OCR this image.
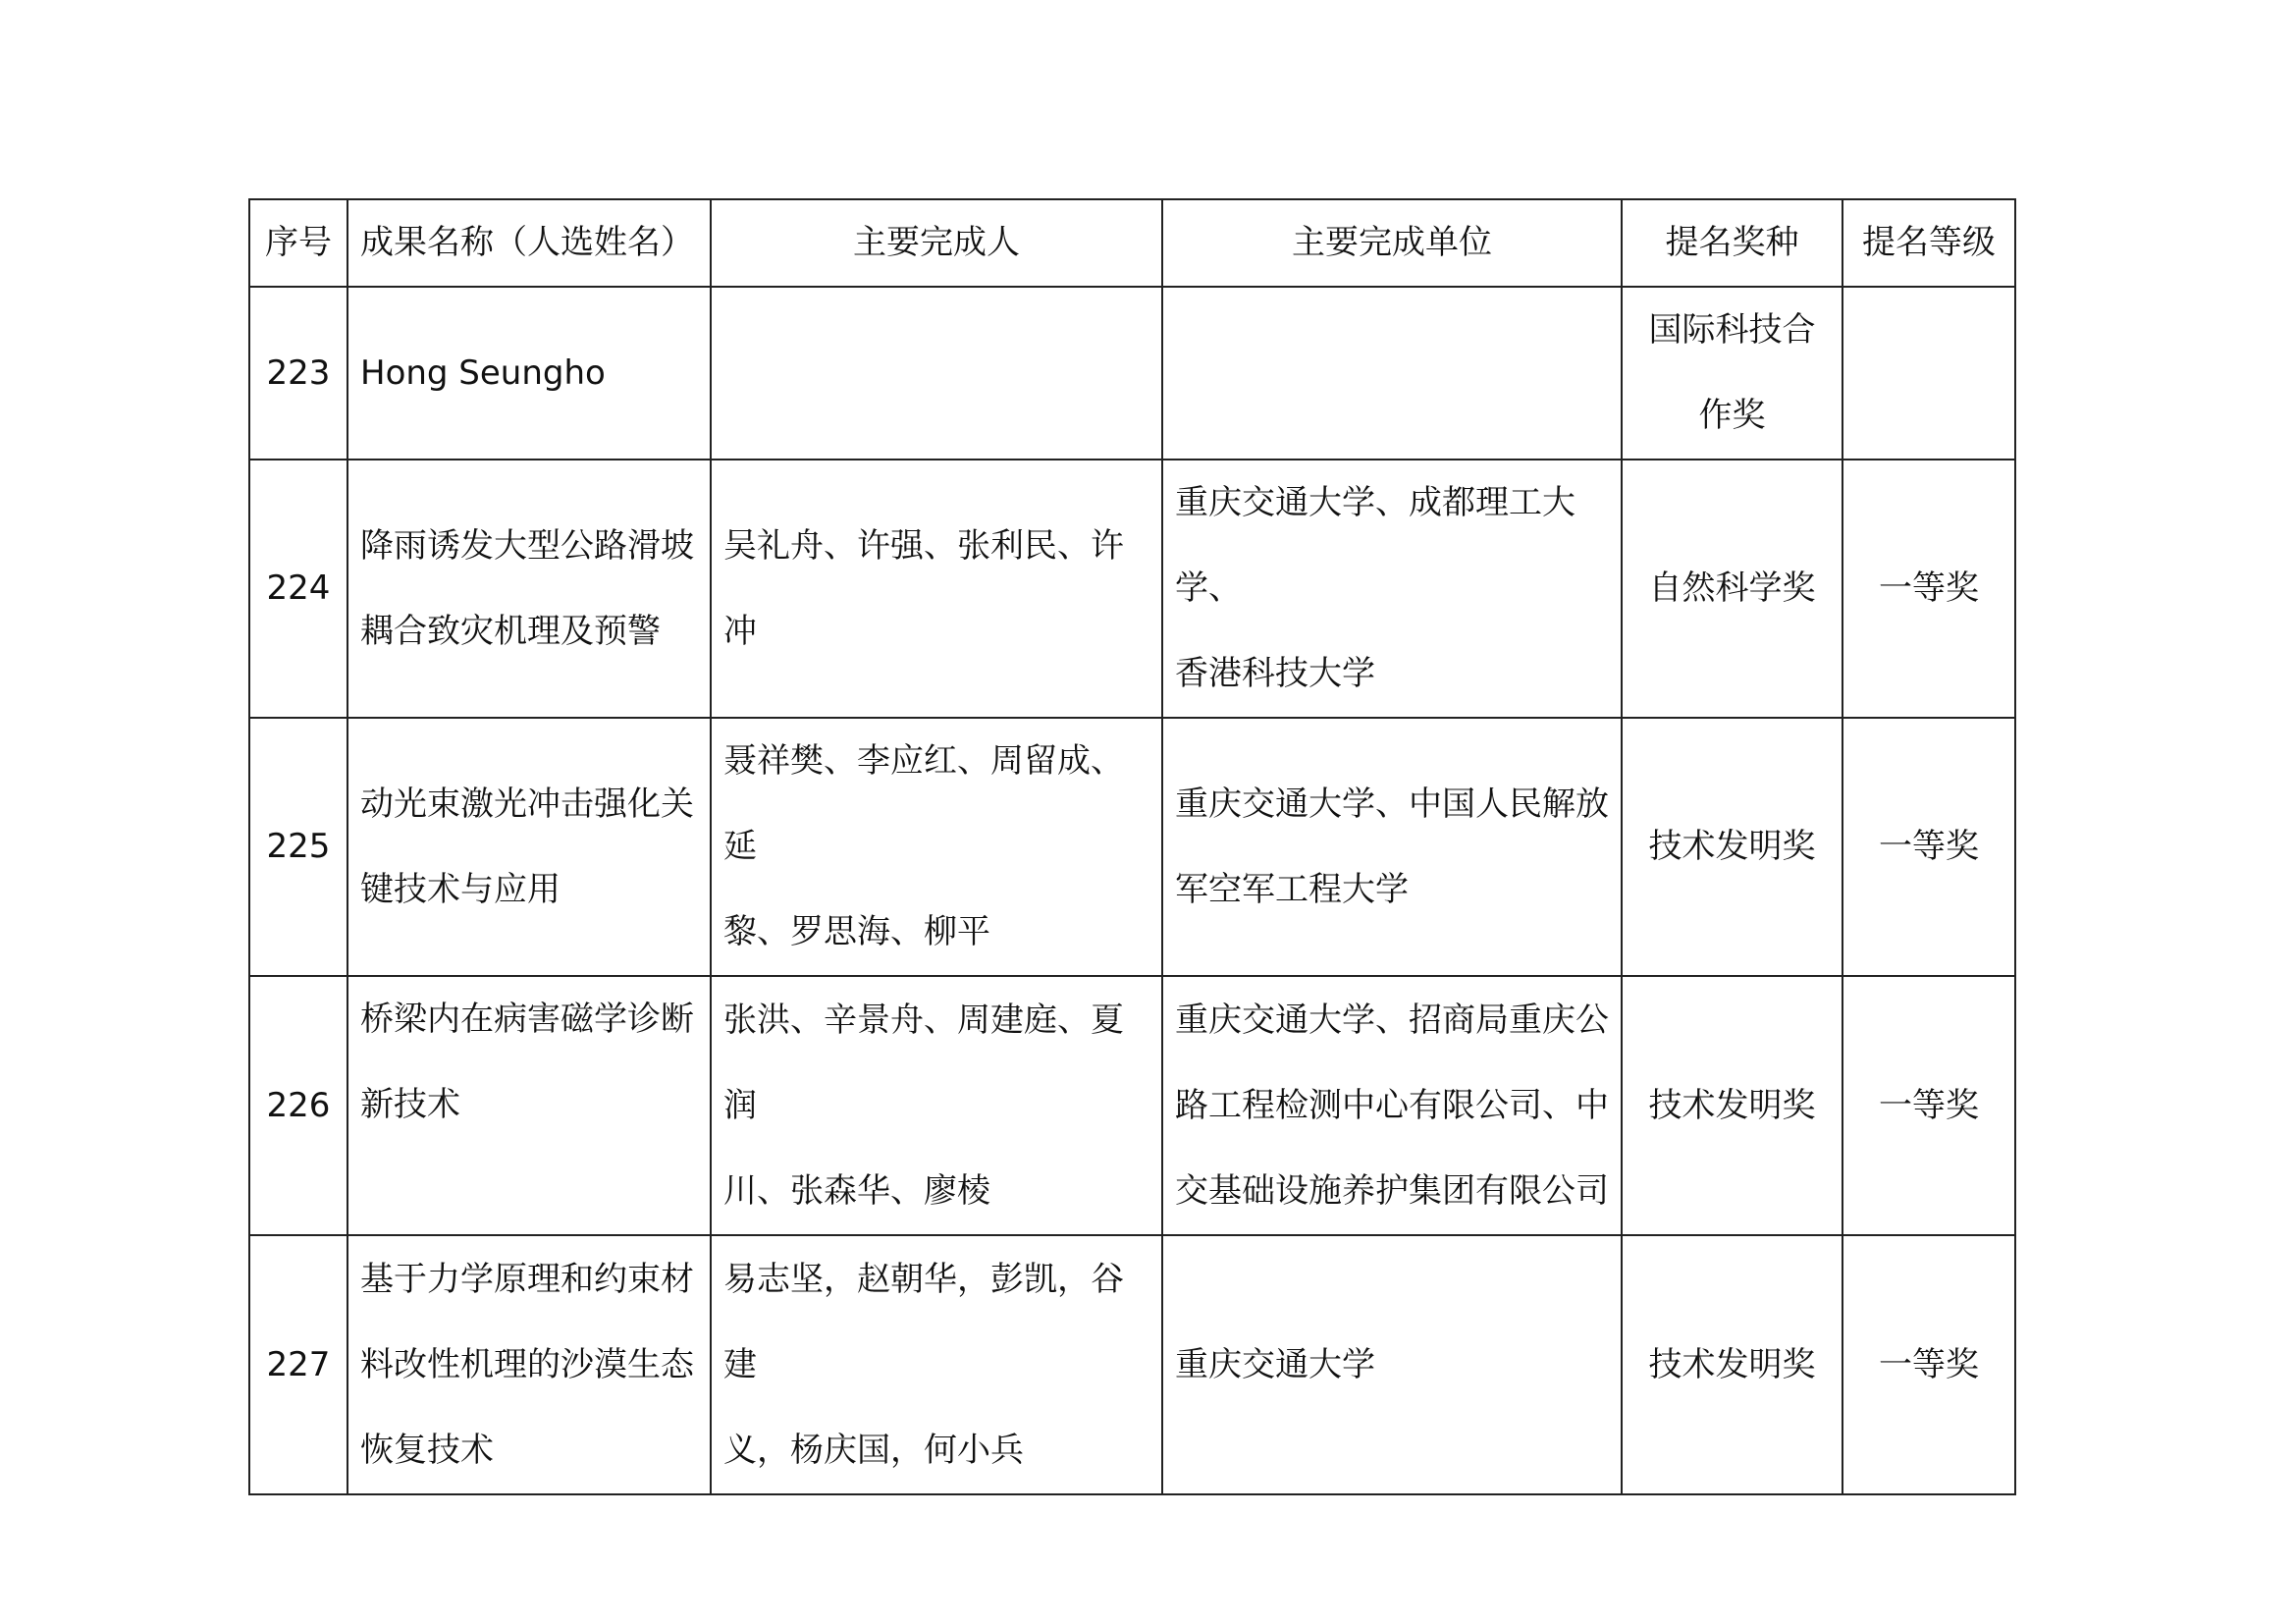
序号	成果名称（人选姓名）	主要完成人	主要完成单位	提名奖种	提名等级
223	Hong Seungho			国际科技合
作奖	

224	降雨诱发大型公路滑坡
耦合致灾机理及预警	吴礼舟、许强、张利民、许冲	重庆交通大学、成都理工大学、
香港科技大学	自然科学奖	一等奖
225	动光束激光冲击强化关
键技术与应用	聂祥樊、李应红、周留成、延
黎、罗思海、柳平	重庆交通大学、中国人民解放
军空军工程大学	技术发明奖	一等奖
226	桥梁内在病害磁学诊断
新技术	张洪、辛景舟、周建庭、夏润
川、张森华、廖棱	重庆交通大学、招商局重庆公
路工程检测中心有限公司、中
交基础设施养护集团有限公司	技术发明奖	一等奖
227	基于力学原理和约束材
料改性机理的沙漠生态
恢复技术	易志坚，赵朝华，彭凯，谷建
义，杨庆国，何小兵	重庆交通大学	技术发明奖	一等奖
